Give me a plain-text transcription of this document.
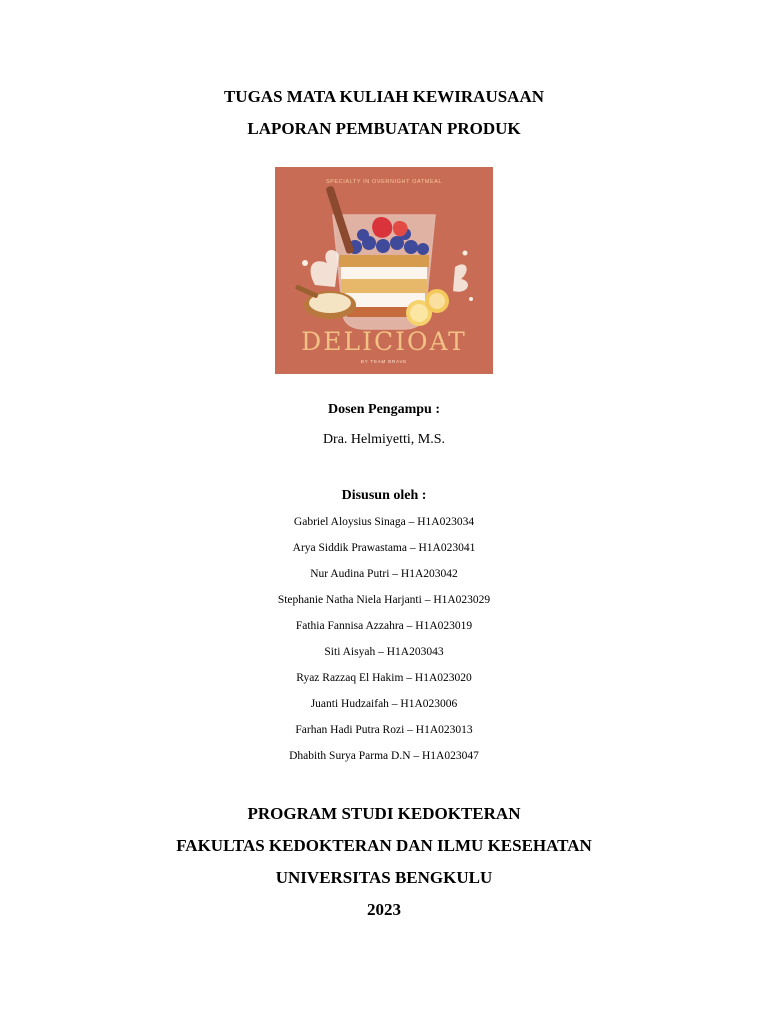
TUGAS MATA KULIAH KEWIRAUSAAN
LAPORAN PEMBUATAN PRODUK
SPECIALTY IN OVERNIGHT OATMEAL
DELICIOAT
BY TEAM BRAVE
Dosen Pengampu :
Dra. Helmiyetti, M.S.
Disusun oleh :
Gabriel Aloysius Sinaga – H1A023034
Arya Siddik Prawastama – H1A023041
Nur Audina Putri – H1A203042
Stephanie Natha Niela Harjanti – H1A023029
Fathia Fannisa Azzahra – H1A023019
Siti Aisyah – H1A203043
Ryaz Razzaq El Hakim – H1A023020
Juanti Hudzaifah – H1A023006
Farhan Hadi Putra Rozi – H1A023013
Dhabith Surya Parma D.N – H1A023047
PROGRAM STUDI KEDOKTERAN
FAKULTAS KEDOKTERAN DAN ILMU KESEHATAN
UNIVERSITAS BENGKULU
2023
